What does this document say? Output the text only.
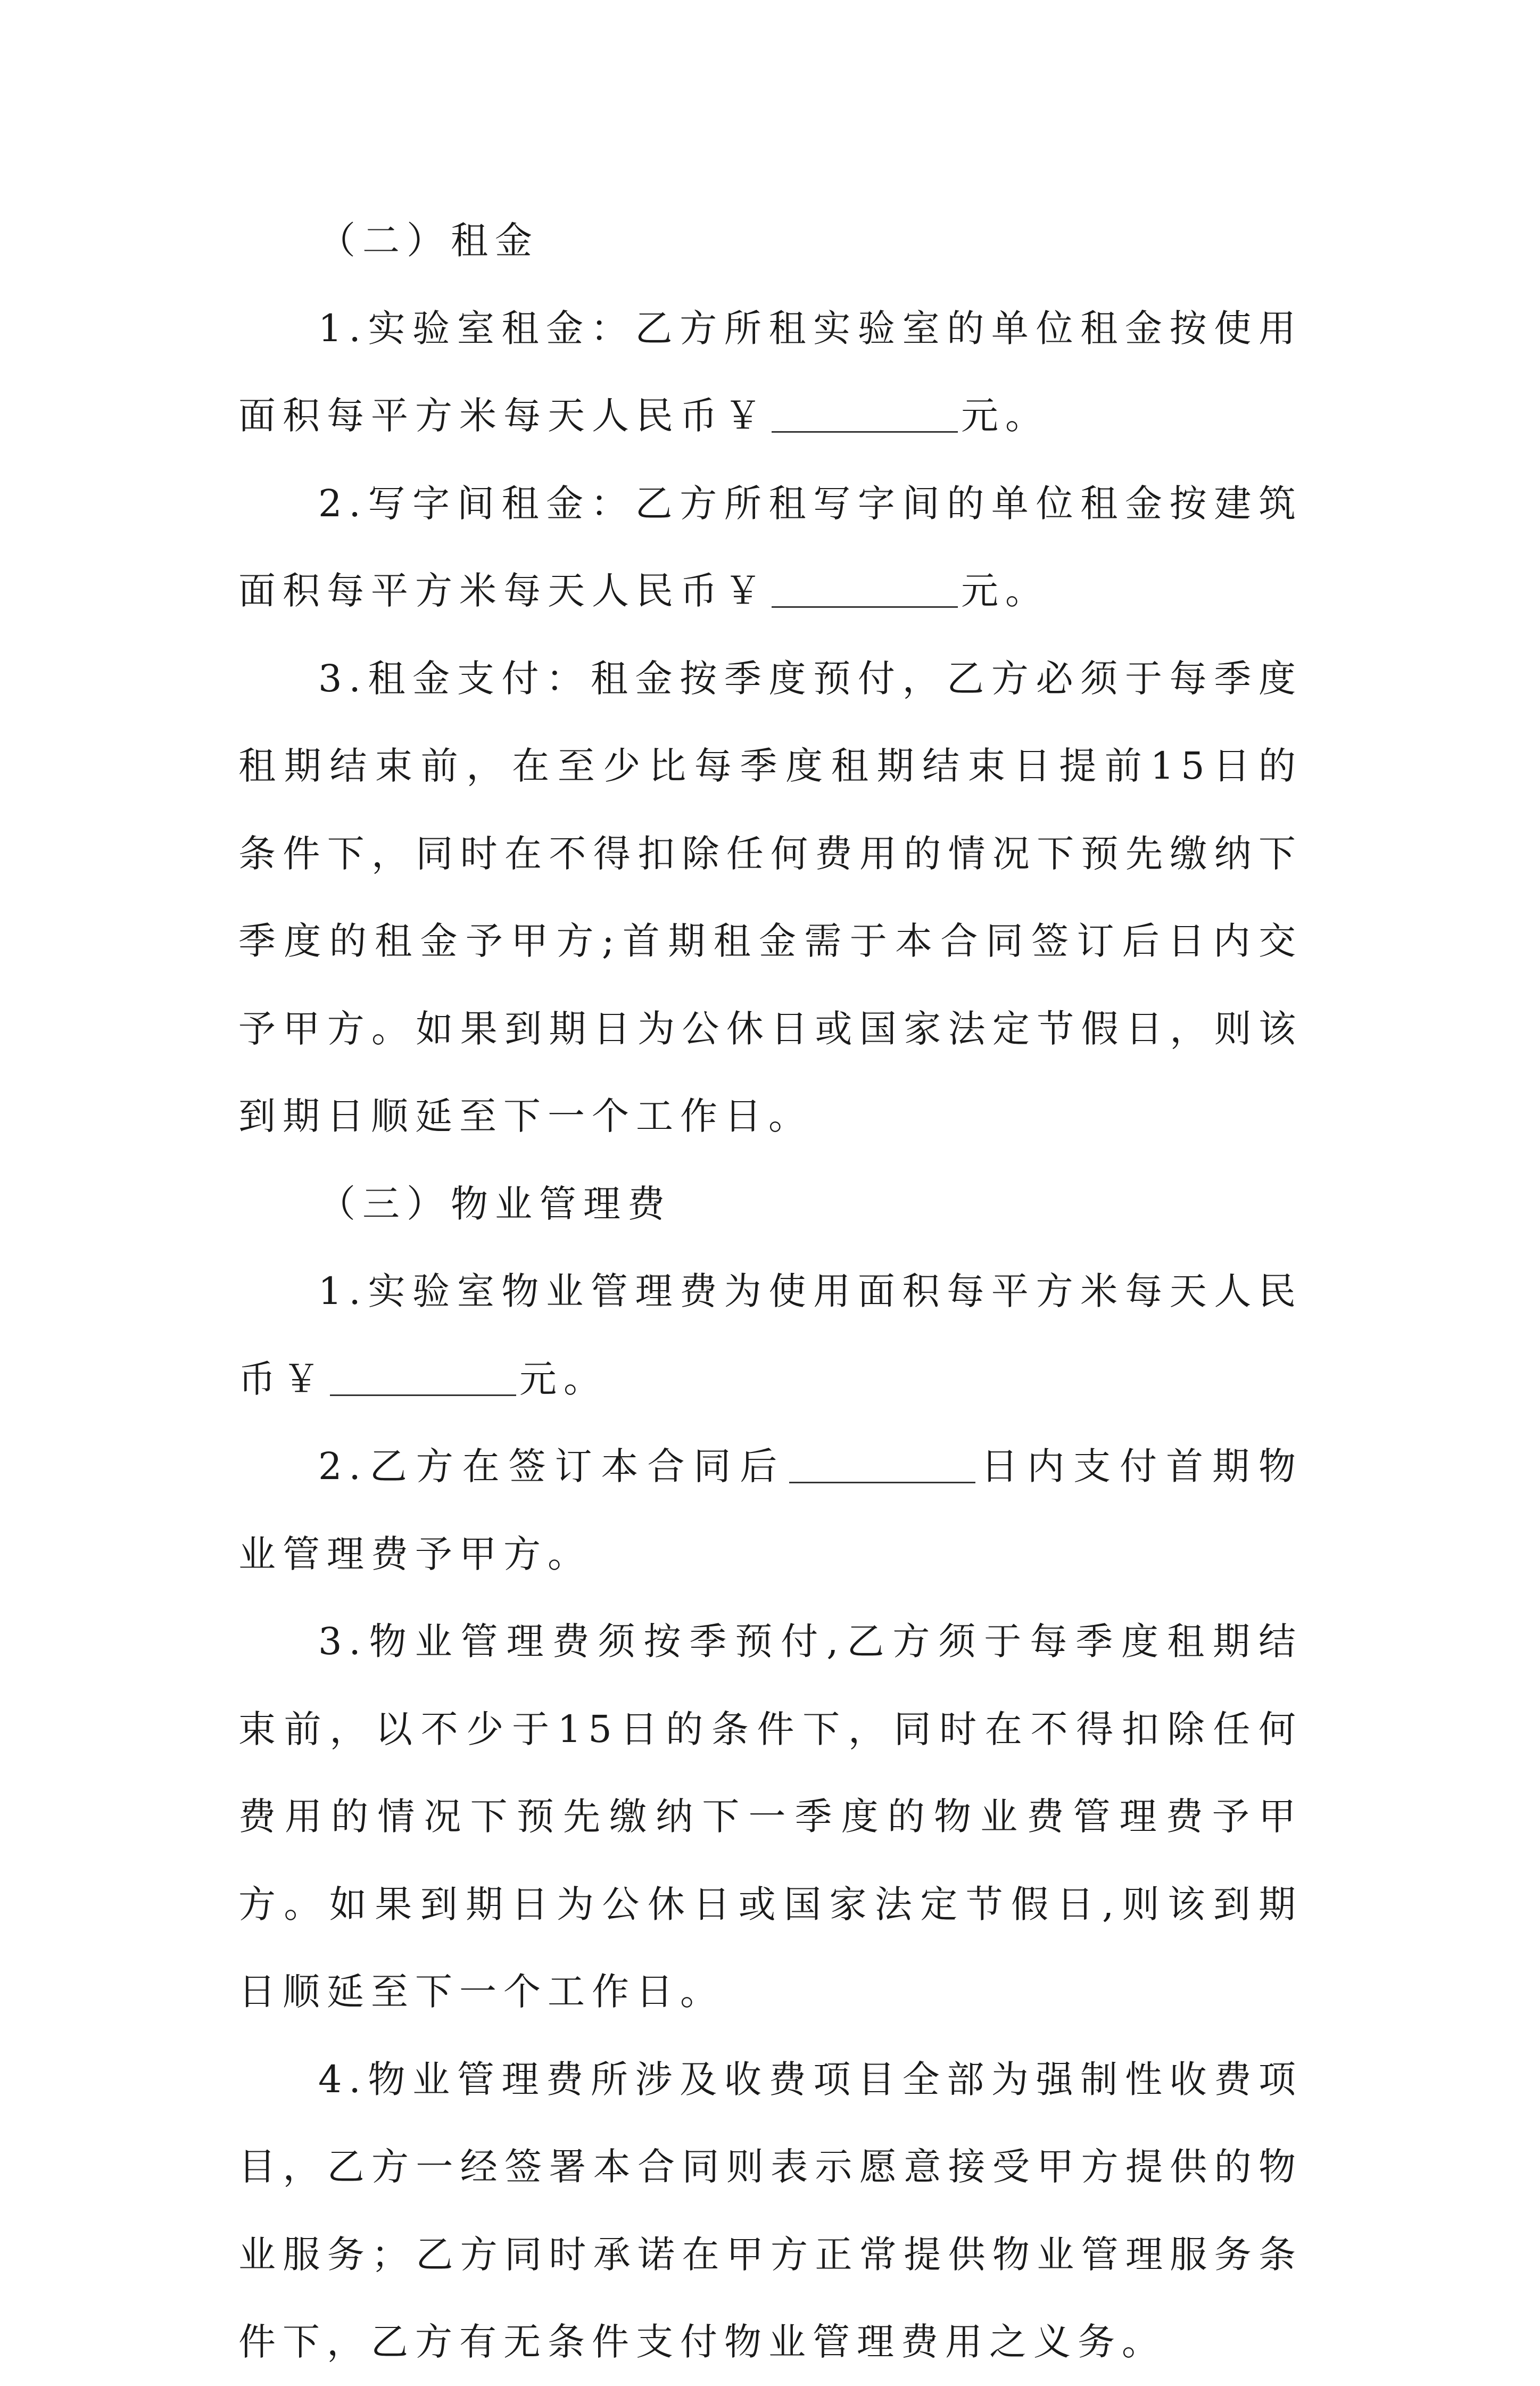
（二）租金

1.实验室租金：乙方所租实验室的单位租金按使用面积每平方米每天人民币￥	元。

2.写字间租金：乙方所租写字间的单位租金按建筑面积每平方米每天人民币￥	元。

3.租金支付：租金按季度预付，乙方必须于每季度租期结束前，在至少比每季度租期结束日提前15日的条件下，同时在不得扣除任何费用的情况下预先缴纳下季度的租金予甲方;首期租金需于本合同签订后日内交予甲方。如果到期日为公休日或国家法定节假日，则该到期日顺延至下一个工作日。

（三）物业管理费

1.实验室物业管理费为使用面积每平方米每天人民币￥	元。

2.乙方在签订本合同后	日内支付首期物业管理费予甲方。

3.物业管理费须按季预付,乙方须于每季度租期结束前，以不少于15日的条件下，同时在不得扣除任何费用的情况下预先缴纳下一季度的物业费管理费予甲方。如果到期日为公休日或国家法定节假日,则该到期日顺延至下一个工作日。

4.物业管理费所涉及收费项目全部为强制性收费项目，乙方一经签署本合同则表示愿意接受甲方提供的物业服务；乙方同时承诺在甲方正常提供物业管理服务条件下，乙方有无条件支付物业管理费用之义务。
